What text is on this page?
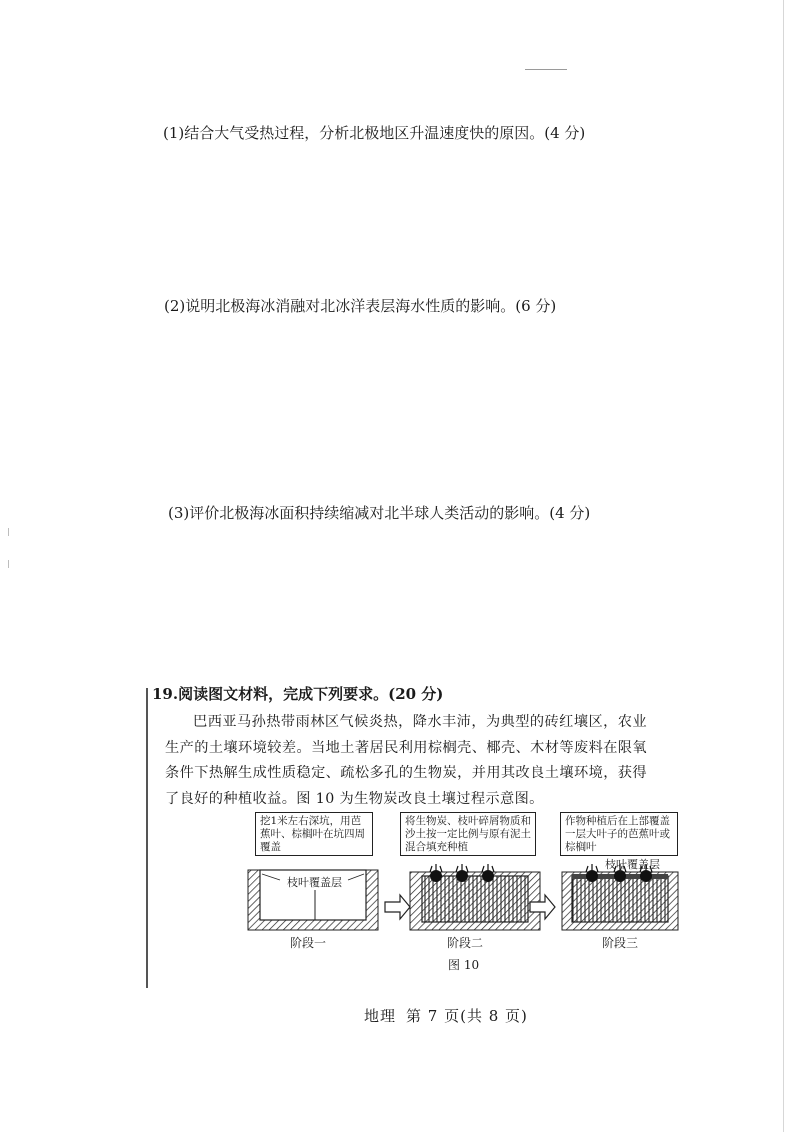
(1)结合大气受热过程，分析北极地区升温速度快的原因。(4 分)
(2)说明北极海冰消融对北冰洋表层海水性质的影响。(6 分)
(3)评价北极海冰面积持续缩减对北半球人类活动的影响。(4 分)
19.阅读图文材料，完成下列要求。(20 分)
巴西亚马孙热带雨林区气候炎热，降水丰沛，为典型的砖红壤区，农业生产的土壤环境较差。当地土著居民利用棕榈壳、椰壳、木材等废料在限氧条件下热解生成性质稳定、疏松多孔的生物炭，并用其改良土壤环境，获得了良好的种植收益。图 10 为生物炭改良土壤过程示意图。
挖1米左右深坑，用芭蕉叶、棕榈叶在坑四周覆盖
将生物炭、枝叶碎屑物质和沙土按一定比例与原有泥土混合填充种植
作物种植后在上部覆盖一层大叶子的芭蕉叶或棕榈叶
枝叶覆盖层
枝叶覆盖层
阶段一	阶段二	阶段三
图 10
地理 第 7 页(共 8 页)
